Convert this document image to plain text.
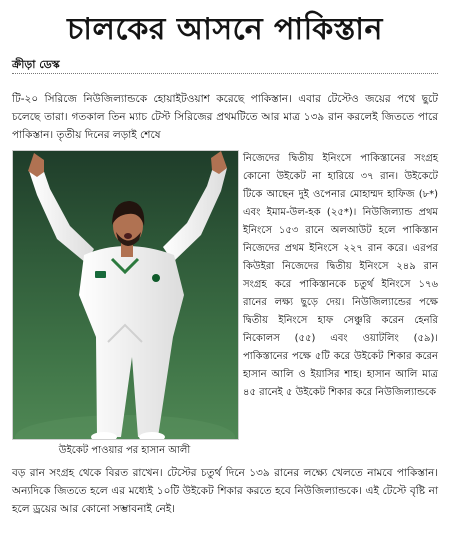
চালকের আসনে পাকিস্তান
ক্রীড়া ডেস্ক
টি-২০ সিরিজে নিউজিল্যান্ডকে হোয়াইটওয়াশ করেছে পাকিস্তান। এবার টেস্টেও জয়ের পথে ছুটে চলেছে তারা। গতকাল তিন ম্যাচ টেস্ট সিরিজের প্রথমটিতে আর মাত্র ১৩৯ রান করলেই জিততে পারে পাকিস্তান। তৃতীয় দিনের লড়াই শেষে
উইকেট পাওয়ার পর হাসান আলী
নিজেদের দ্বিতীয় ইনিংসে পাকিস্তানের সংগ্রহ কোনো উইকেট না হারিয়ে ৩৭ রান। উইকেটে টিকে আছেন দুই ওপেনার মোহাম্মদ হাফিজ (৮*) এবং ইমাম-উল-হক (২৫*)। নিউজিল্যান্ড প্রথম ইনিংসে ১৫৩ রানে অলআউট হলে পাকিস্তান নিজেদের প্রথম ইনিংসে ২২৭ রান করে। এরপর কিউইরা নিজেদের দ্বিতীয় ইনিংসে ২৪৯ রান সংগ্রহ করে পাকিস্তানকে চতুর্থ ইনিংসে ১৭৬ রানের লক্ষ্য ছুড়ে দেয়। নিউজিল্যান্ডের পক্ষে দ্বিতীয় ইনিংসে হাফ সেঞ্চুরি করেন হেনরি নিকোলস (৫৫) এবং ওয়াটলিং (৫৯)। পাকিস্তানের পক্ষে ৫টি করে উইকেট শিকার করেন হাসান আলি ও ইয়াসির শাহ। হাসান আলি মাত্র ৪৫ রানেই ৫ উইকেট শিকার করে নিউজিল্যান্ডকে
বড় রান সংগ্রহ থেকে বিরত রাখেন। টেস্টের চতুর্থ দিনে ১৩৯ রানের লক্ষ্যে খেলতে নামবে পাকিস্তান। অন্যদিকে জিততে হলে এর মধ্যেই ১০টি উইকেট শিকার করতে হবে নিউজিল্যান্ডকে। এই টেস্টে বৃষ্টি না হলে ড্রয়ের আর কোনো সম্ভাবনাই নেই।
